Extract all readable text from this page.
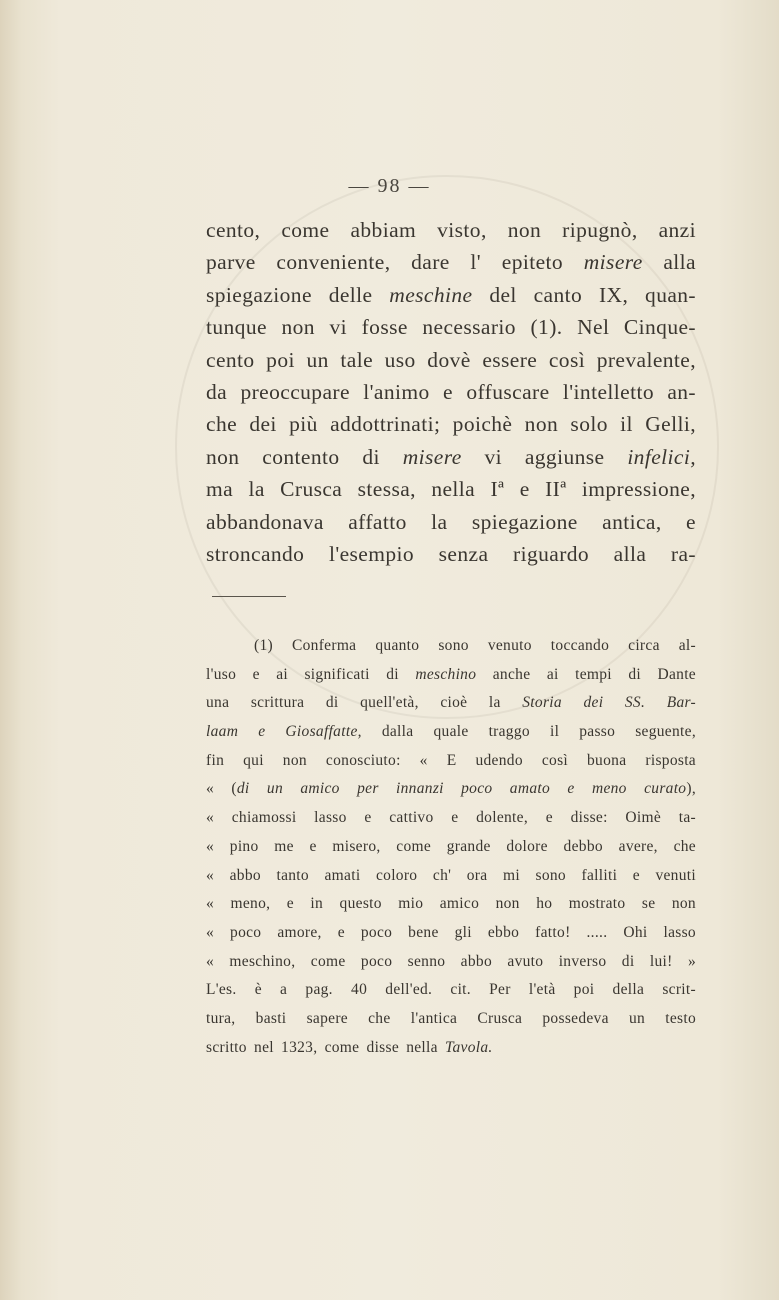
— 98 —
cento, come abbiam visto, non ripugnò, anzi
parve conveniente, dare l' epiteto misere alla
spiegazione delle meschine del canto IX, quan-
tunque non vi fosse necessario (1). Nel Cinque-
cento poi un tale uso dovè essere così prevalente,
da preoccupare l'animo e offuscare l'intelletto an-
che dei più addottrinati; poichè non solo il Gelli,
non contento di misere vi aggiunse infelici,
ma la Crusca stessa, nella Iª e IIª impressione,
abbandonava affatto la spiegazione antica, e
stroncando l'esempio senza riguardo alla ra-
(1) Conferma quanto sono venuto toccando circa al-
l'uso e ai significati di meschino anche ai tempi di Dante
una scrittura di quell'età, cioè la Storia dei SS. Bar-
laam e Giosaffatte, dalla quale traggo il passo seguente,
fin qui non conosciuto: « E udendo così buona risposta
« (di un amico per innanzi poco amato e meno curato),
« chiamossi lasso e cattivo e dolente, e disse: Oimè ta-
« pino me e misero, come grande dolore debbo avere, che
« abbo tanto amati coloro ch' ora mi sono falliti e venuti
« meno, e in questo mio amico non ho mostrato se non
« poco amore, e poco bene gli ebbo fatto! ..... Ohi lasso
« meschino, come poco senno abbo avuto inverso di lui! »
L'es. è a pag. 40 dell'ed. cit. Per l'età poi della scrit-
tura, basti sapere che l'antica Crusca possedeva un testo
scritto nel 1323, come disse nella Tavola.
